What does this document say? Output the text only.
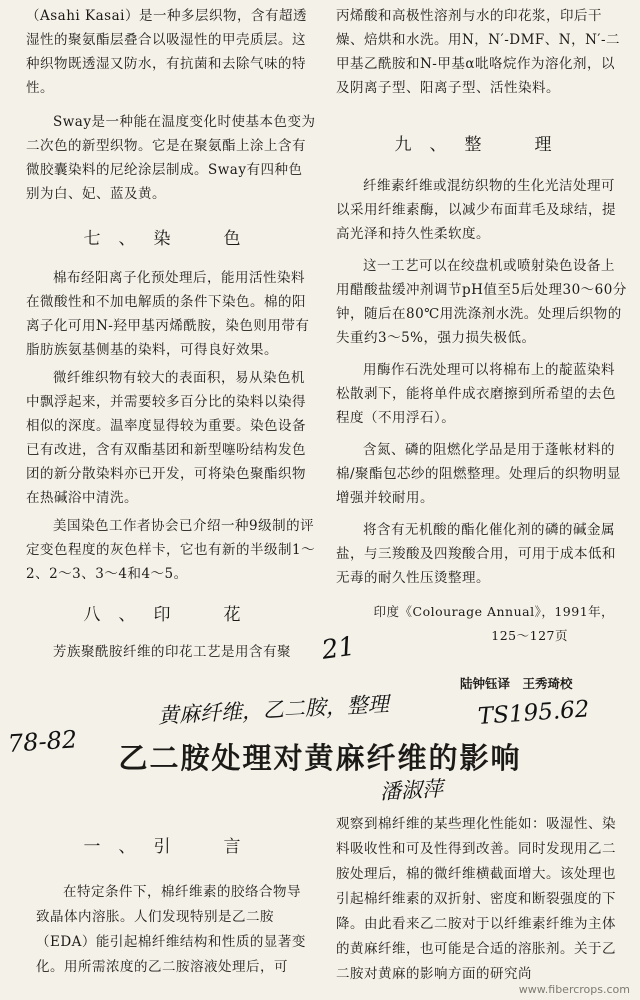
（Asahi Kasai）是一种多层织物，含有超透湿性的聚氨酯层叠合以吸湿性的甲壳质层。这种织物既透湿又防水，有抗菌和去除气味的特性。

Sway是一种能在温度变化时使基本色变为二次色的新型织物。它是在聚氨酯上涂上含有微胶囊染料的尼纶涂层制成。Sway有四种色别为白、妃、蓝及黄。

七、染　色

棉布经阳离子化预处理后，能用活性染料在微酸性和不加电解质的条件下染色。棉的阳离子化可用N-羟甲基丙烯酰胺，染色则用带有脂肪族氨基侧基的染料，可得良好效果。

微纤维织物有较大的表面积，易从染色机中飘浮起来，并需要较多百分比的染料以染得相似的深度。温率度显得较为重要。染色设备已有改进，含有双酯基团和新型噻吩结构发色团的新分散染料亦已开发，可将染色聚酯织物在热碱浴中清洗。

美国染色工作者协会已介绍一种9级制的评定变色程度的灰色样卡，它也有新的半级制1～2、2～3、3～4和4～5。

八、印　花

芳族聚酰胺纤维的印花工艺是用含有聚

丙烯酸和高极性溶剂与水的印花浆，印后干燥、焙烘和水洗。用N，N′-DMF、N，N′-二甲基乙酰胺和N-甲基α吡咯烷作为溶化剂，以及阴离子型、阳离子型、活性染料。

九、整　理

纤维素纤维或混纺织物的生化光洁处理可以采用纤维素酶，以减少布面茸毛及球结，提高光泽和持久性柔软度。

这一工艺可以在绞盘机或喷射染色设备上用醋酸盐缓冲剂调节pH值至5后处理30～60分钟，随后在80℃用洗涤剂水洗。处理后织物的失重约3～5%，强力损失极低。

用酶作石洗处理可以将棉布上的靛蓝染料松散剥下，能将单件成衣磨擦到所希望的去色程度（不用浮石）。

含氮、磷的阻燃化学品是用于蓬帐材料的棉/聚酯包芯纱的阻燃整理。处理后的织物明显增强并较耐用。

将含有无机酸的酯化催化剂的磷的碱金属盐，与三羧酸及四羧酸合用，可用于成本低和无毒的耐久性压烫整理。

印度《Colourage Annual》，1991年，

125～127页

陆钟钰译　王秀琦校
21
78-82
黄麻纤维，乙二胺，整理	TS195.62
潘淑萍
乙二胺处理对黄麻纤维的影响

一、引　言

在特定条件下，棉纤维素的胶络合物导致晶体内溶胀。人们发现特别是乙二胺（EDA）能引起棉纤维结构和性质的显著变化。用所需浓度的乙二胺溶液处理后，可

观察到棉纤维的某些理化性能如：吸湿性、染料吸收性和可及性得到改善。同时发现用乙二胺处理后，棉的微纤维横截面增大。该处理也引起棉纤维素的双折射、密度和断裂强度的下降。由此看来乙二胺对于以纤维素纤维为主体的黄麻纤维，也可能是合适的溶胀剂。关于乙二胺对黄麻的影响方面的研究尚

www.fibercrops.com
